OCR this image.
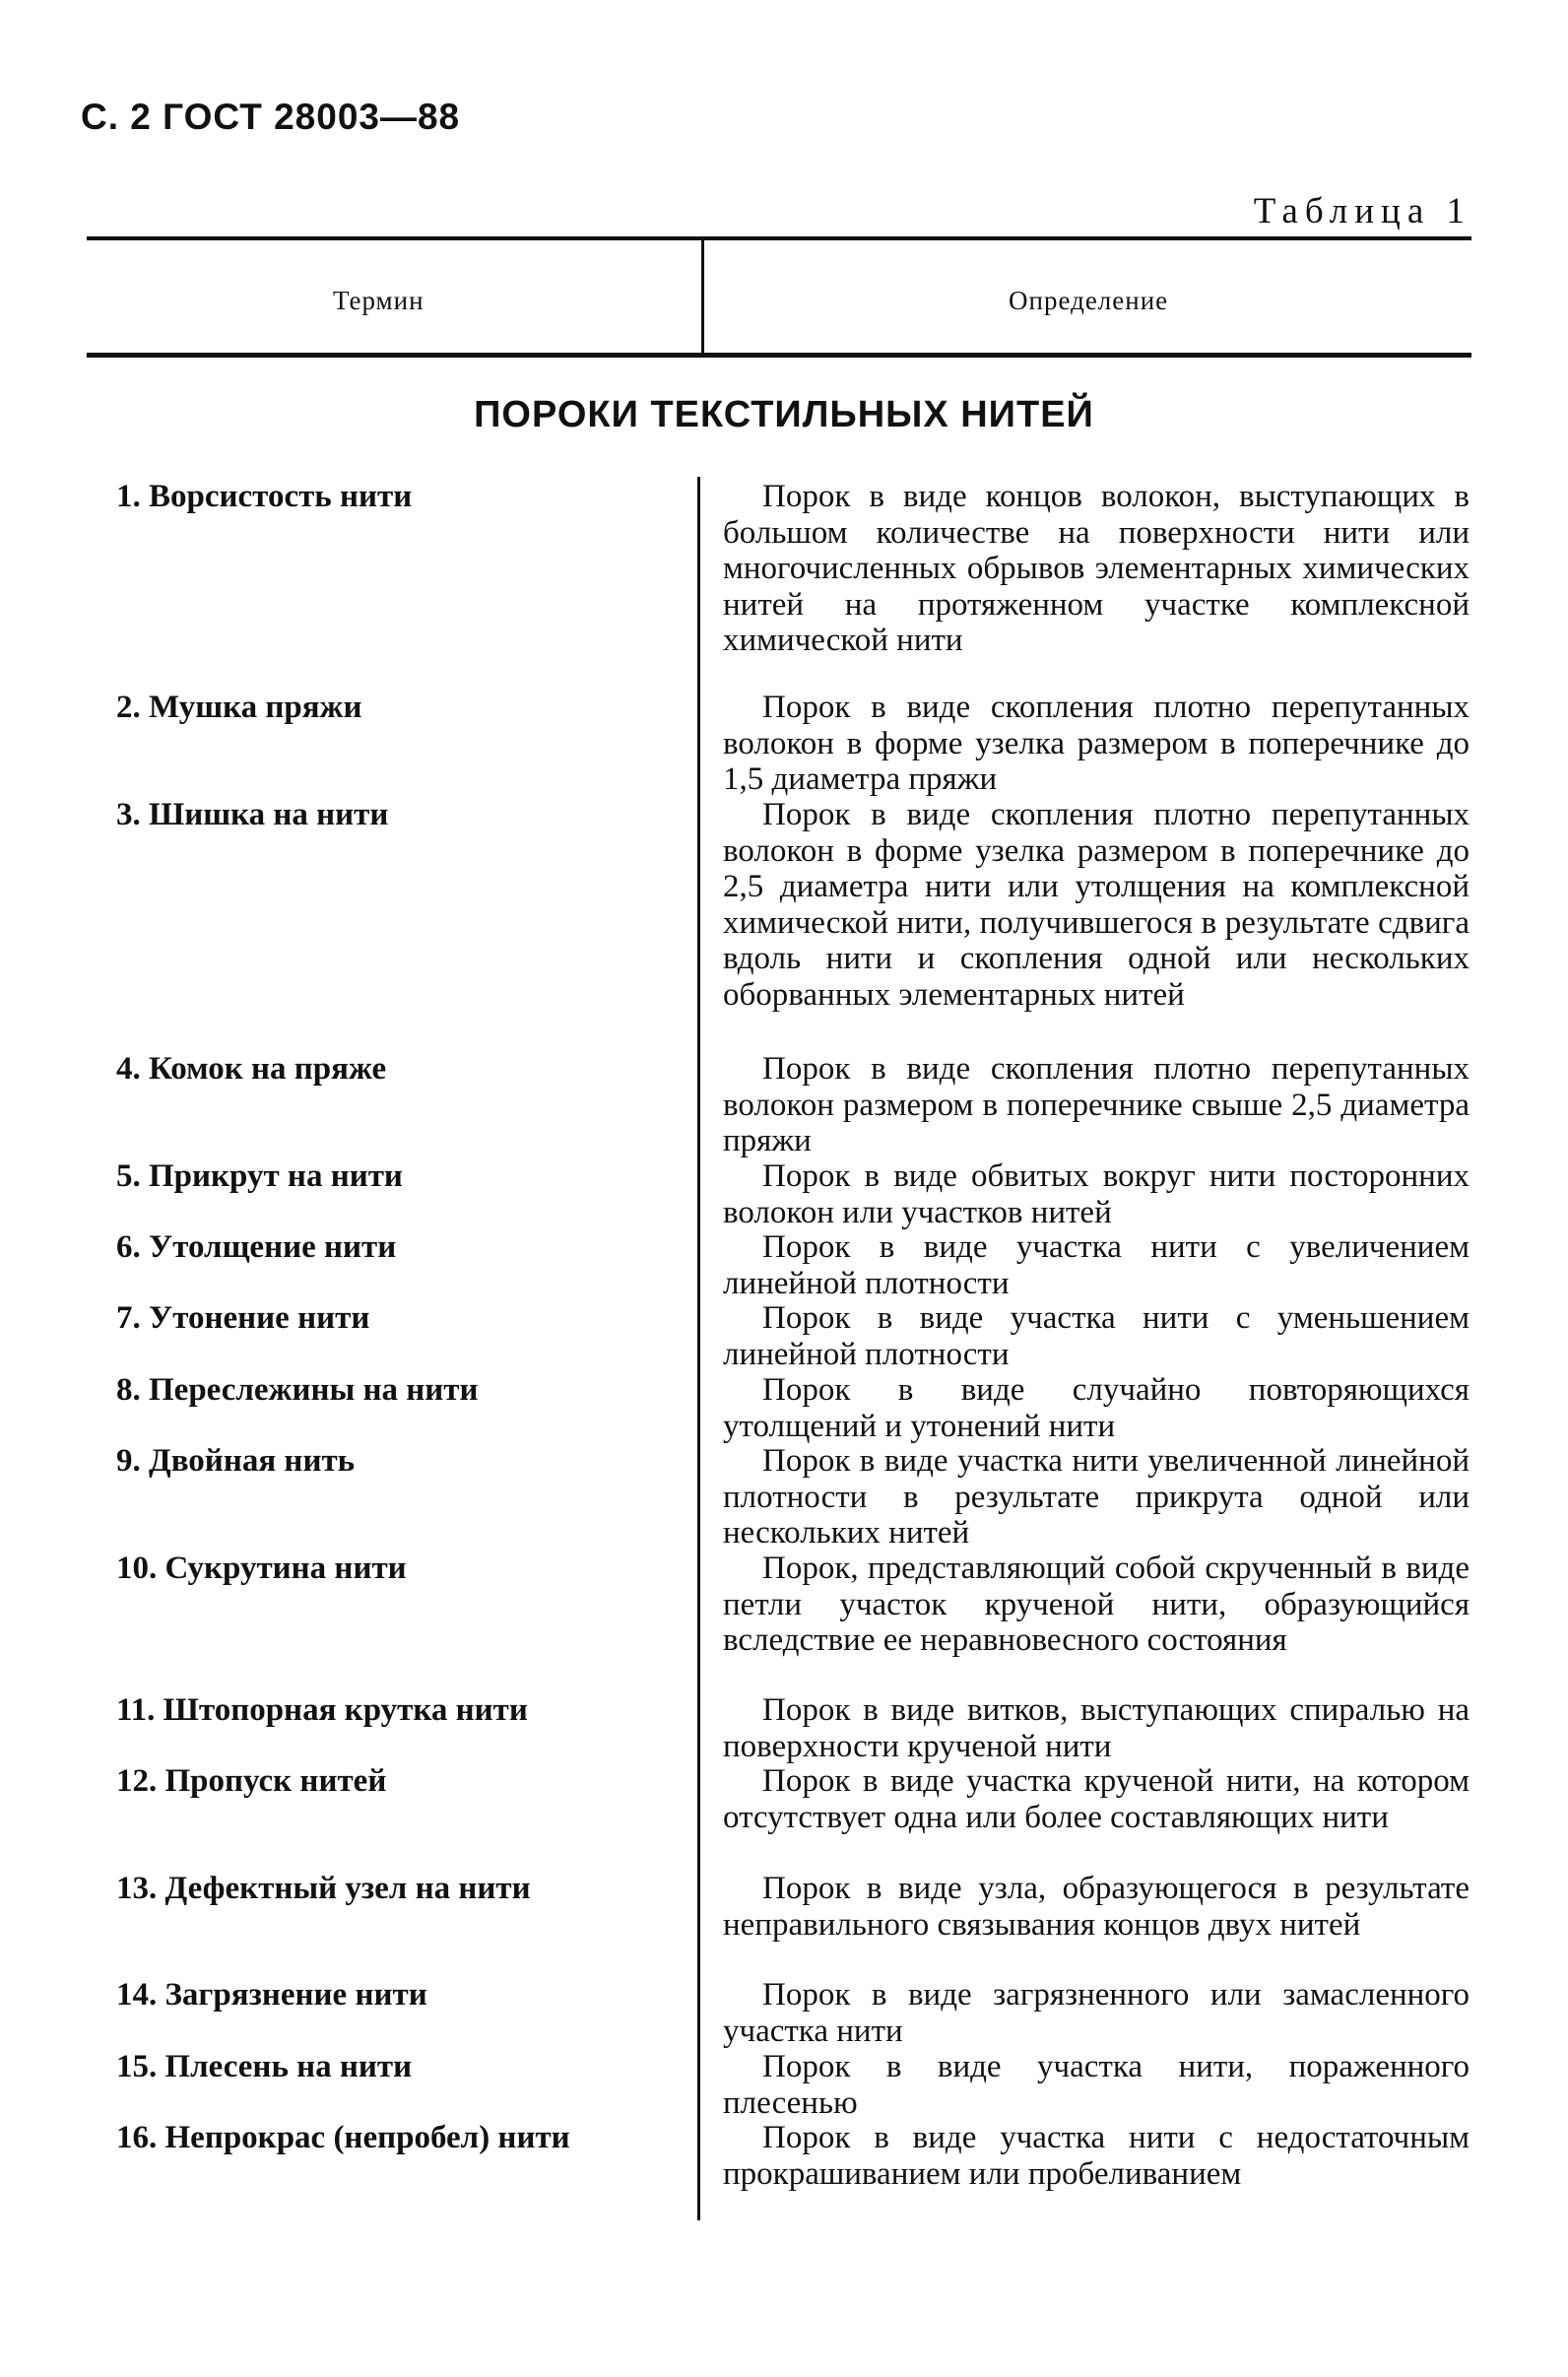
С. 2 ГОСТ 28003—88
Таблица 1
Термин	Определение
ПОРОКИ ТЕКСТИЛЬНЫХ НИТЕЙ
1. Ворсистость нити	Порок в виде концов волокон, выступающих в большом количестве на поверхности нити или многочисленных обрывов элементарных химических нитей на протяженном участке комплексной химической нити
2. Мушка пряжи	Порок в виде скопления плотно перепутанных волокон в форме узелка размером в поперечнике до 1,5 диаметра пряжи
3. Шишка на нити	Порок в виде скопления плотно перепутанных волокон в форме узелка размером в поперечнике до 2,5 диаметра нити или утолщения на комплексной химической нити, получившегося в результате сдвига вдоль нити и скопления одной или нескольких оборванных элементарных нитей
4. Комок на пряже	Порок в виде скопления плотно перепутанных волокон размером в поперечнике свыше 2,5 диаметра пряжи
5. Прикрут на нити	Порок в виде обвитых вокруг нити посторонних волокон или участков нитей
6. Утолщение нити	Порок в виде участка нити с увеличением линейной плотности
7. Утонение нити	Порок в виде участка нити с уменьшением линейной плотности
8. Переслежины на нити	Порок в виде случайно повторяющихся утолщений и утонений нити
9. Двойная нить	Порок в виде участка нити увеличенной линейной плотности в результате прикрута одной или нескольких нитей
10. Сукрутина нити	Порок, представляющий собой скрученный в виде петли участок крученой нити, образующийся вследствие ее неравновесного состояния
11. Штопорная крутка нити	Порок в виде витков, выступающих спиралью на поверхности крученой нити
12. Пропуск нитей	Порок в виде участка крученой нити, на котором отсутствует одна или более составляющих нити
13. Дефектный узел на нити	Порок в виде узла, образующегося в результате неправильного связывания концов двух нитей
14. Загрязнение нити	Порок в виде загрязненного или замасленного участка нити
15. Плесень на нити	Порок в виде участка нити, пораженного плесенью
16. Непрокрас (непробел) нити	Порок в виде участка нити с недостаточным прокрашиванием или пробеливанием
